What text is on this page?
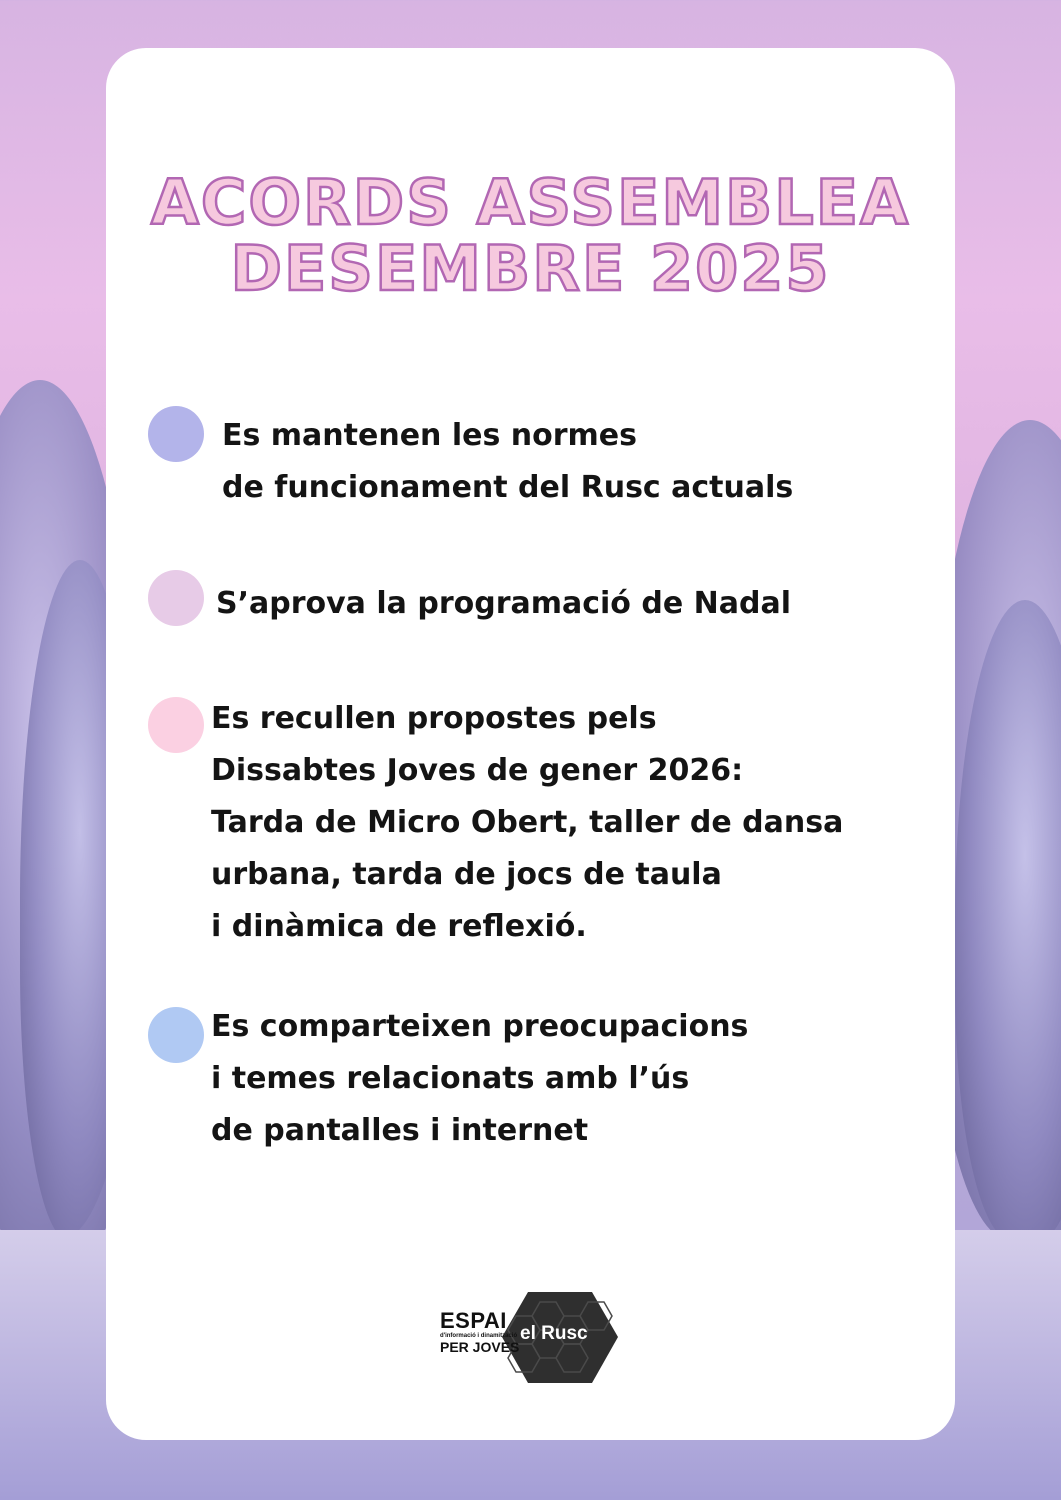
ACORDS ASSEMBLEA
DESEMBRE 2025
Es mantenen les normes
de funcionament del Rusc actuals
S’aprova la programació de Nadal
Es recullen propostes pels
Dissabtes Joves de gener 2026:
Tarda de Micro Obert, taller de dansa
urbana, tarda de jocs de taula
i dinàmica de reflexió.
Es comparteixen preocupacions
i temes relacionats amb l’ús
de pantalles i internet
ESPAI
d'informació i dinamització
PER JOVES
el Rusc
